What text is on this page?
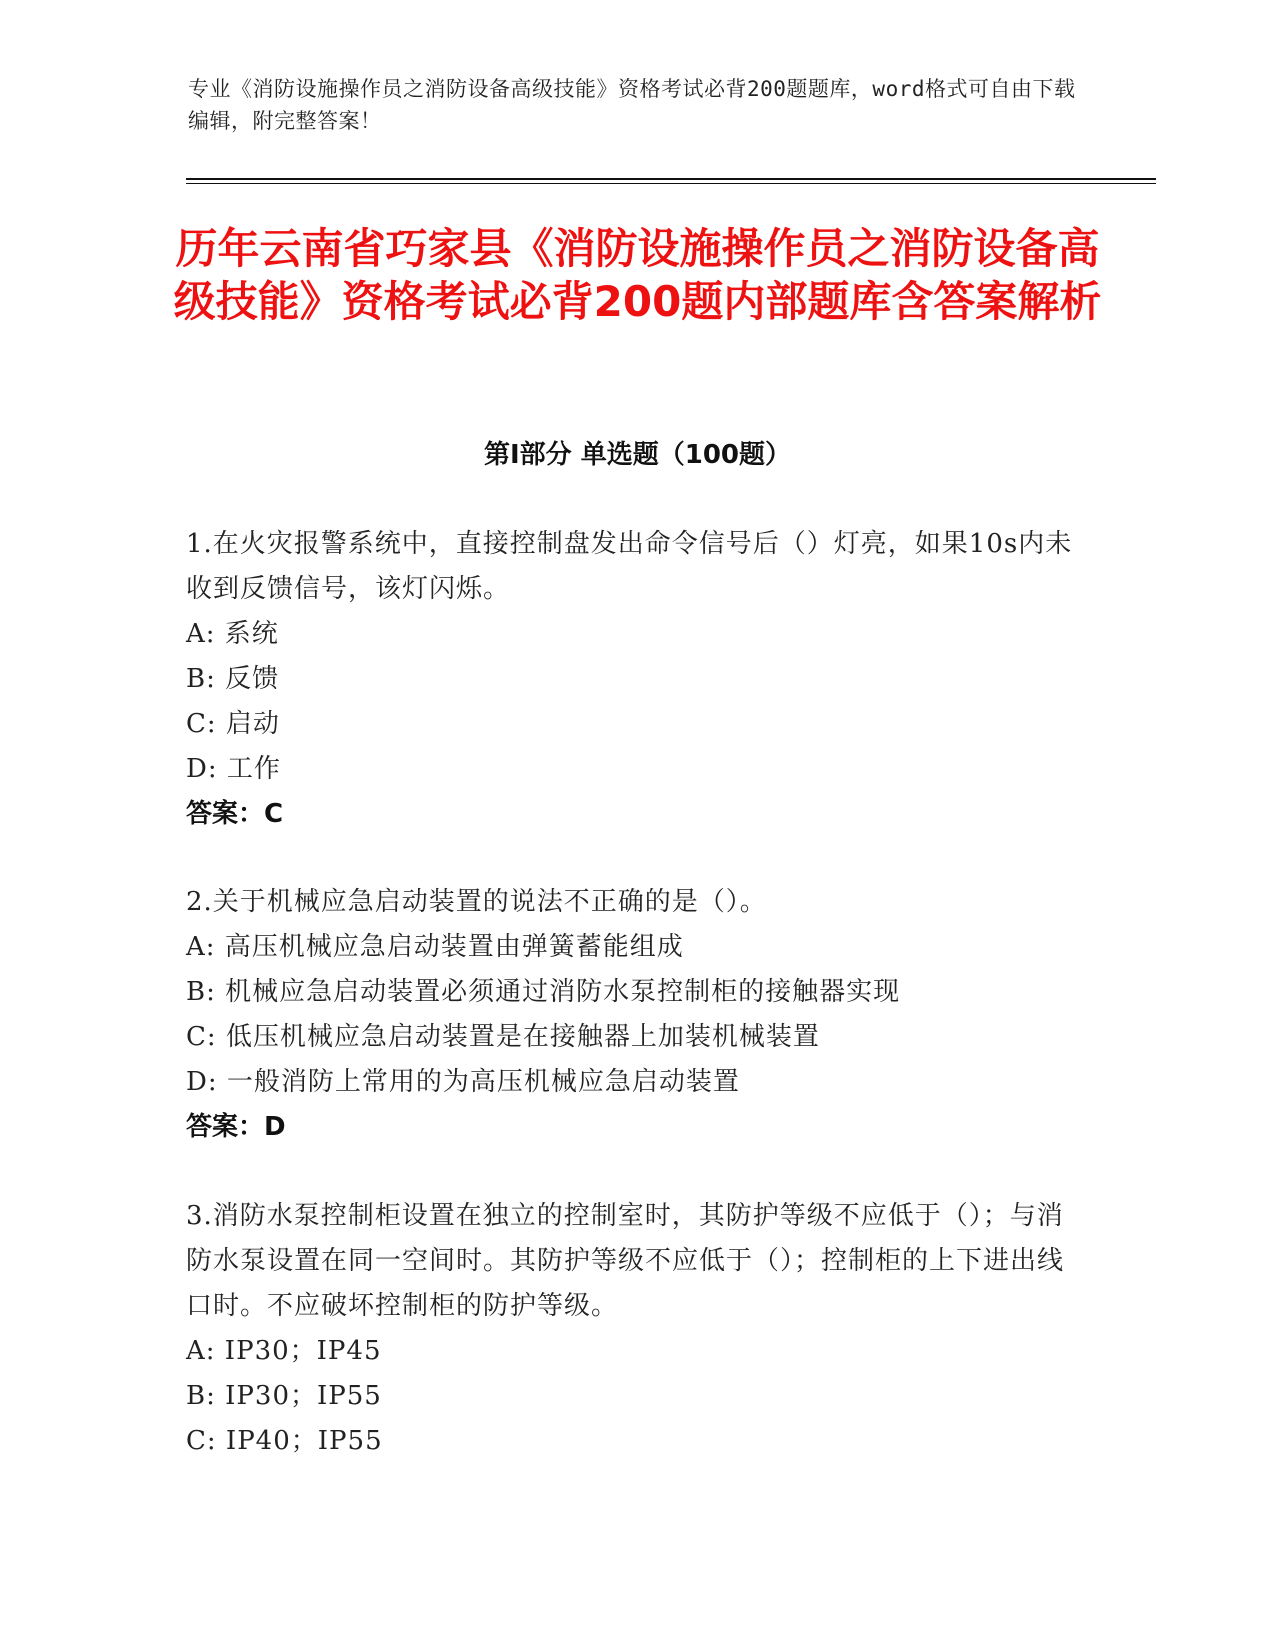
专业《消防设施操作员之消防设备高级技能》资格考试必背200题题库，word格式可自由下载编辑，附完整答案！
历年云南省巧家县《消防设施操作员之消防设备高级技能》资格考试必背200题内部题库含答案解析
第Ⅰ部分 单选题（100题）
1.在火灾报警系统中，直接控制盘发出命令信号后（）灯亮，如果10s内未收到反馈信号，该灯闪烁。
A: 系统
B: 反馈
C: 启动
D: 工作
答案：C
2.关于机械应急启动装置的说法不正确的是（）。
A: 高压机械应急启动装置由弹簧蓄能组成
B: 机械应急启动装置必须通过消防水泵控制柜的接触器实现
C: 低压机械应急启动装置是在接触器上加装机械装置
D: 一般消防上常用的为高压机械应急启动装置
答案：D
3.消防水泵控制柜设置在独立的控制室时，其防护等级不应低于（）；与消防水泵设置在同一空间时。其防护等级不应低于（）；控制柜的上下进出线口时。不应破坏控制柜的防护等级。
A: IP30；IP45
B: IP30；IP55
C: IP40；IP55
